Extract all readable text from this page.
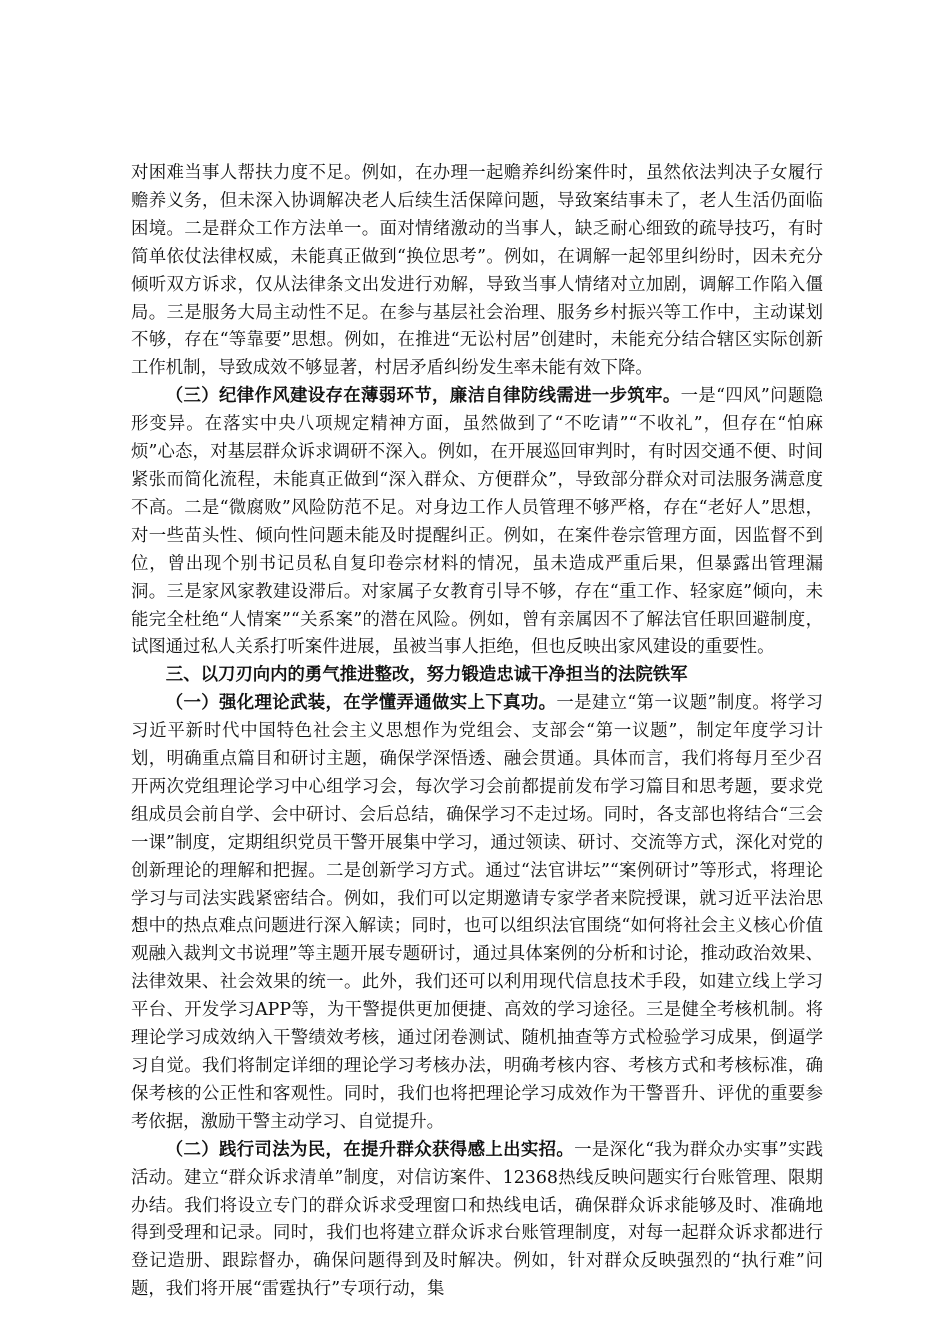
对困难当事人帮扶力度不足。例如，在办理一起赡养纠纷案件时，虽然依法判决子女履行赡养义务，但未深入协调解决老人后续生活保障问题，导致案结事未了，老人生活仍面临困境。二是群众工作方法单一。面对情绪激动的当事人，缺乏耐心细致的疏导技巧，有时简单依仗法律权威，未能真正做到“换位思考”。例如，在调解一起邻里纠纷时，因未充分倾听双方诉求，仅从法律条文出发进行劝解，导致当事人情绪对立加剧，调解工作陷入僵局。三是服务大局主动性不足。在参与基层社会治理、服务乡村振兴等工作中，主动谋划不够，存在“等靠要”思想。例如，在推进“无讼村居”创建时，未能充分结合辖区实际创新工作机制，导致成效不够显著，村居矛盾纠纷发生率未能有效下降。

（三）纪律作风建设存在薄弱环节，廉洁自律防线需进一步筑牢。一是“四风”问题隐形变异。在落实中央八项规定精神方面，虽然做到了“不吃请”“不收礼”，但存在“怕麻烦”心态，对基层群众诉求调研不深入。例如，在开展巡回审判时，有时因交通不便、时间紧张而简化流程，未能真正做到“深入群众、方便群众”，导致部分群众对司法服务满意度不高。二是“微腐败”风险防范不足。对身边工作人员管理不够严格，存在“老好人”思想，对一些苗头性、倾向性问题未能及时提醒纠正。例如，在案件卷宗管理方面，因监督不到位，曾出现个别书记员私自复印卷宗材料的情况，虽未造成严重后果，但暴露出管理漏洞。三是家风家教建设滞后。对家属子女教育引导不够，存在“重工作、轻家庭”倾向，未能完全杜绝“人情案”“关系案”的潜在风险。例如，曾有亲属因不了解法官任职回避制度，试图通过私人关系打听案件进展，虽被当事人拒绝，但也反映出家风建设的重要性。

三、以刀刃向内的勇气推进整改，努力锻造忠诚干净担当的法院铁军

（一）强化理论武装，在学懂弄通做实上下真功。一是建立“第一议题”制度。将学习习近平新时代中国特色社会主义思想作为党组会、支部会“第一议题”，制定年度学习计划，明确重点篇目和研讨主题，确保学深悟透、融会贯通。具体而言，我们将每月至少召开两次党组理论学习中心组学习会，每次学习会前都提前发布学习篇目和思考题，要求党组成员会前自学、会中研讨、会后总结，确保学习不走过场。同时，各支部也将结合“三会一课”制度，定期组织党员干警开展集中学习，通过领读、研讨、交流等方式，深化对党的创新理论的理解和把握。二是创新学习方式。通过“法官讲坛”“案例研讨”等形式，将理论学习与司法实践紧密结合。例如，我们可以定期邀请专家学者来院授课，就习近平法治思想中的热点难点问题进行深入解读；同时，也可以组织法官围绕“如何将社会主义核心价值观融入裁判文书说理”等主题开展专题研讨，通过具体案例的分析和讨论，推动政治效果、法律效果、社会效果的统一。此外，我们还可以利用现代信息技术手段，如建立线上学习平台、开发学习APP等，为干警提供更加便捷、高效的学习途径。三是健全考核机制。将理论学习成效纳入干警绩效考核，通过闭卷测试、随机抽查等方式检验学习成果，倒逼学习自觉。我们将制定详细的理论学习考核办法，明确考核内容、考核方式和考核标准，确保考核的公正性和客观性。同时，我们也将把理论学习成效作为干警晋升、评优的重要参考依据，激励干警主动学习、自觉提升。

（二）践行司法为民，在提升群众获得感上出实招。一是深化“我为群众办实事”实践活动。建立“群众诉求清单”制度，对信访案件、12368热线反映问题实行台账管理、限期办结。我们将设立专门的群众诉求受理窗口和热线电话，确保群众诉求能够及时、准确地得到受理和记录。同时，我们也将建立群众诉求台账管理制度，对每一起群众诉求都进行登记造册、跟踪督办，确保问题得到及时解决。例如，针对群众反映强烈的“执行难”问题，我们将开展“雷霆执行”专项行动，集
